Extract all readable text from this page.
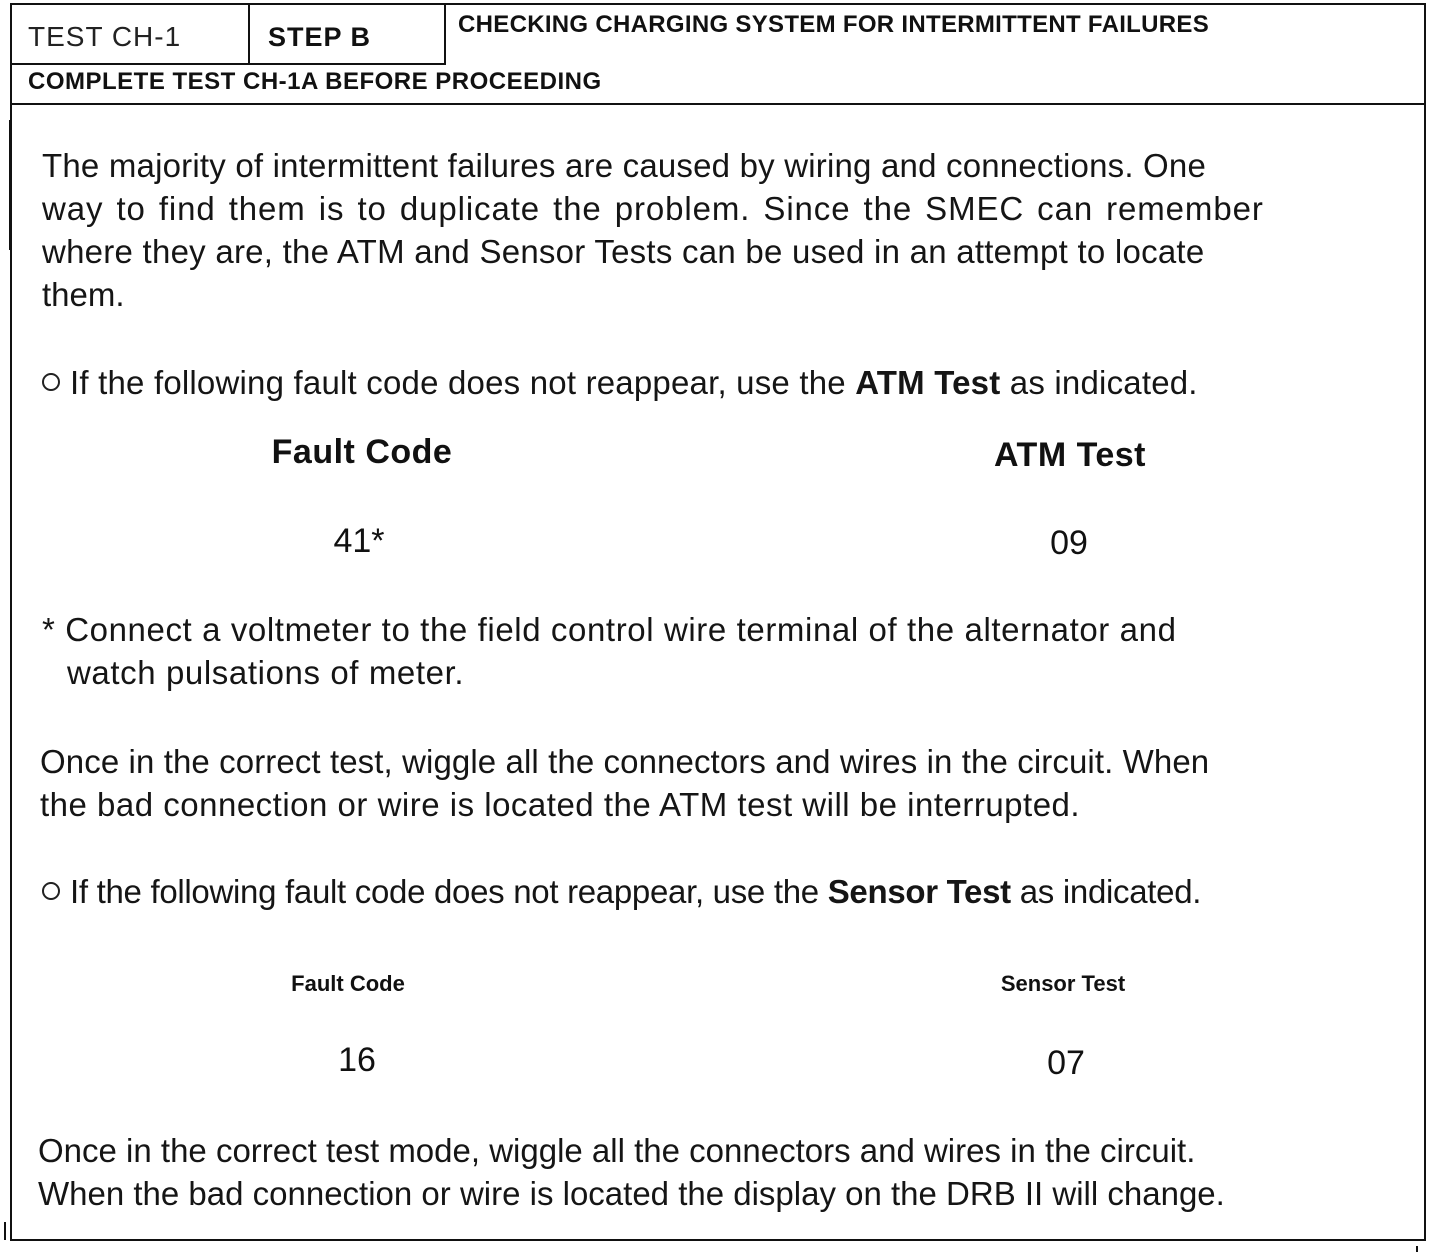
TEST CH-1	STEP B	CHECKING CHARGING SYSTEM FOR INTERMITTENT FAILURES
COMPLETE TEST CH-1A BEFORE PROCEEDING
The majority of intermittent failures are caused by wiring and connections. One
way to find them is to duplicate the problem. Since the SMEC can remember
where they are, the ATM and Sensor Tests can be used in an attempt to locate
them.
If the following fault code does not reappear, use the ATM Test as indicated.
Fault Code	ATM Test
41*	09
* Connect a voltmeter to the field control wire terminal of the alternator and
watch pulsations of meter.
Once in the correct test, wiggle all the connectors and wires in the circuit. When
the bad connection or wire is located the ATM test will be interrupted.
If the following fault code does not reappear, use the Sensor Test as indicated.
Fault Code	Sensor Test
16	07
Once in the correct test mode, wiggle all the connectors and wires in the circuit.
When the bad connection or wire is located the display on the DRB II will change.
